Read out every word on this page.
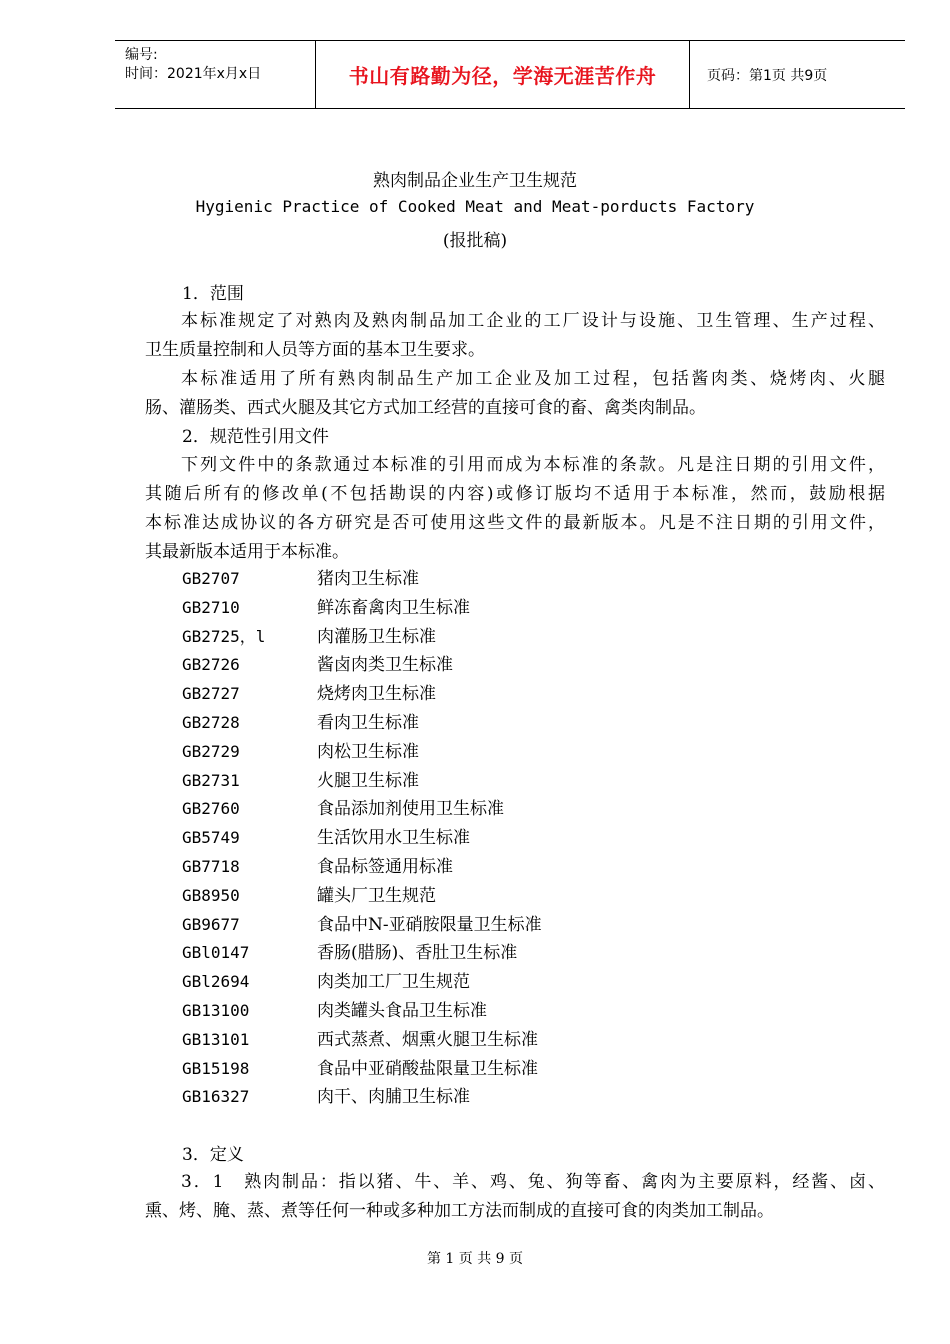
编号:
时间：2021年x月x日	书山有路勤为径，学海无涯苦作舟	页码：第1页 共9页
熟肉制品企业生产卫生规范
Hygienic Practice of Cooked Meat and Meat-porducts Factory
(报批稿)
1．范围
本标准规定了对熟肉及熟肉制品加工企业的工厂设计与设施、卫生管理、生产过程、
卫生质量控制和人员等方面的基本卫生要求。
本标准适用了所有熟肉制品生产加工企业及加工过程，包括酱肉类、烧烤肉、火腿
肠、灌肠类、西式火腿及其它方式加工经营的直接可食的畜、禽类肉制品。
2．规范性引用文件
下列文件中的条款通过本标准的引用而成为本标准的条款。凡是注日期的引用文件，
其随后所有的修改单(不包括勘误的内容)或修订版均不适用于本标准，然而，鼓励根据
本标准达成协议的各方研究是否可使用这些文件的最新版本。凡是不注日期的引用文件，
其最新版本适用于本标准。
GB2707	猪肉卫生标准
GB2710	鲜冻畜禽肉卫生标准
GB2725，l	肉灌肠卫生标准
GB2726	酱卤肉类卫生标准
GB2727	烧烤肉卫生标准
GB2728	看肉卫生标准
GB2729	肉松卫生标准
GB2731	火腿卫生标准
GB2760	食品添加剂使用卫生标准
GB5749	生活饮用水卫生标准
GB7718	食品标签通用标准
GB8950	罐头厂卫生规范
GB9677	食品中N-亚硝胺限量卫生标准
GBl0147	香肠(腊肠)、香肚卫生标准
GBl2694	肉类加工厂卫生规范
GB13100	肉类罐头食品卫生标准
GB13101	西式蒸煮、烟熏火腿卫生标准
GB15198	食品中亚硝酸盐限量卫生标准
GB16327	肉干、肉脯卫生标准
3．定义
3．1　熟肉制品：指以猪、牛、羊、鸡、兔、狗等畜、禽肉为主要原料，经酱、卤、
熏、烤、腌、蒸、煮等任何一种或多种加工方法而制成的直接可食的肉类加工制品。
第 1 页 共 9 页
